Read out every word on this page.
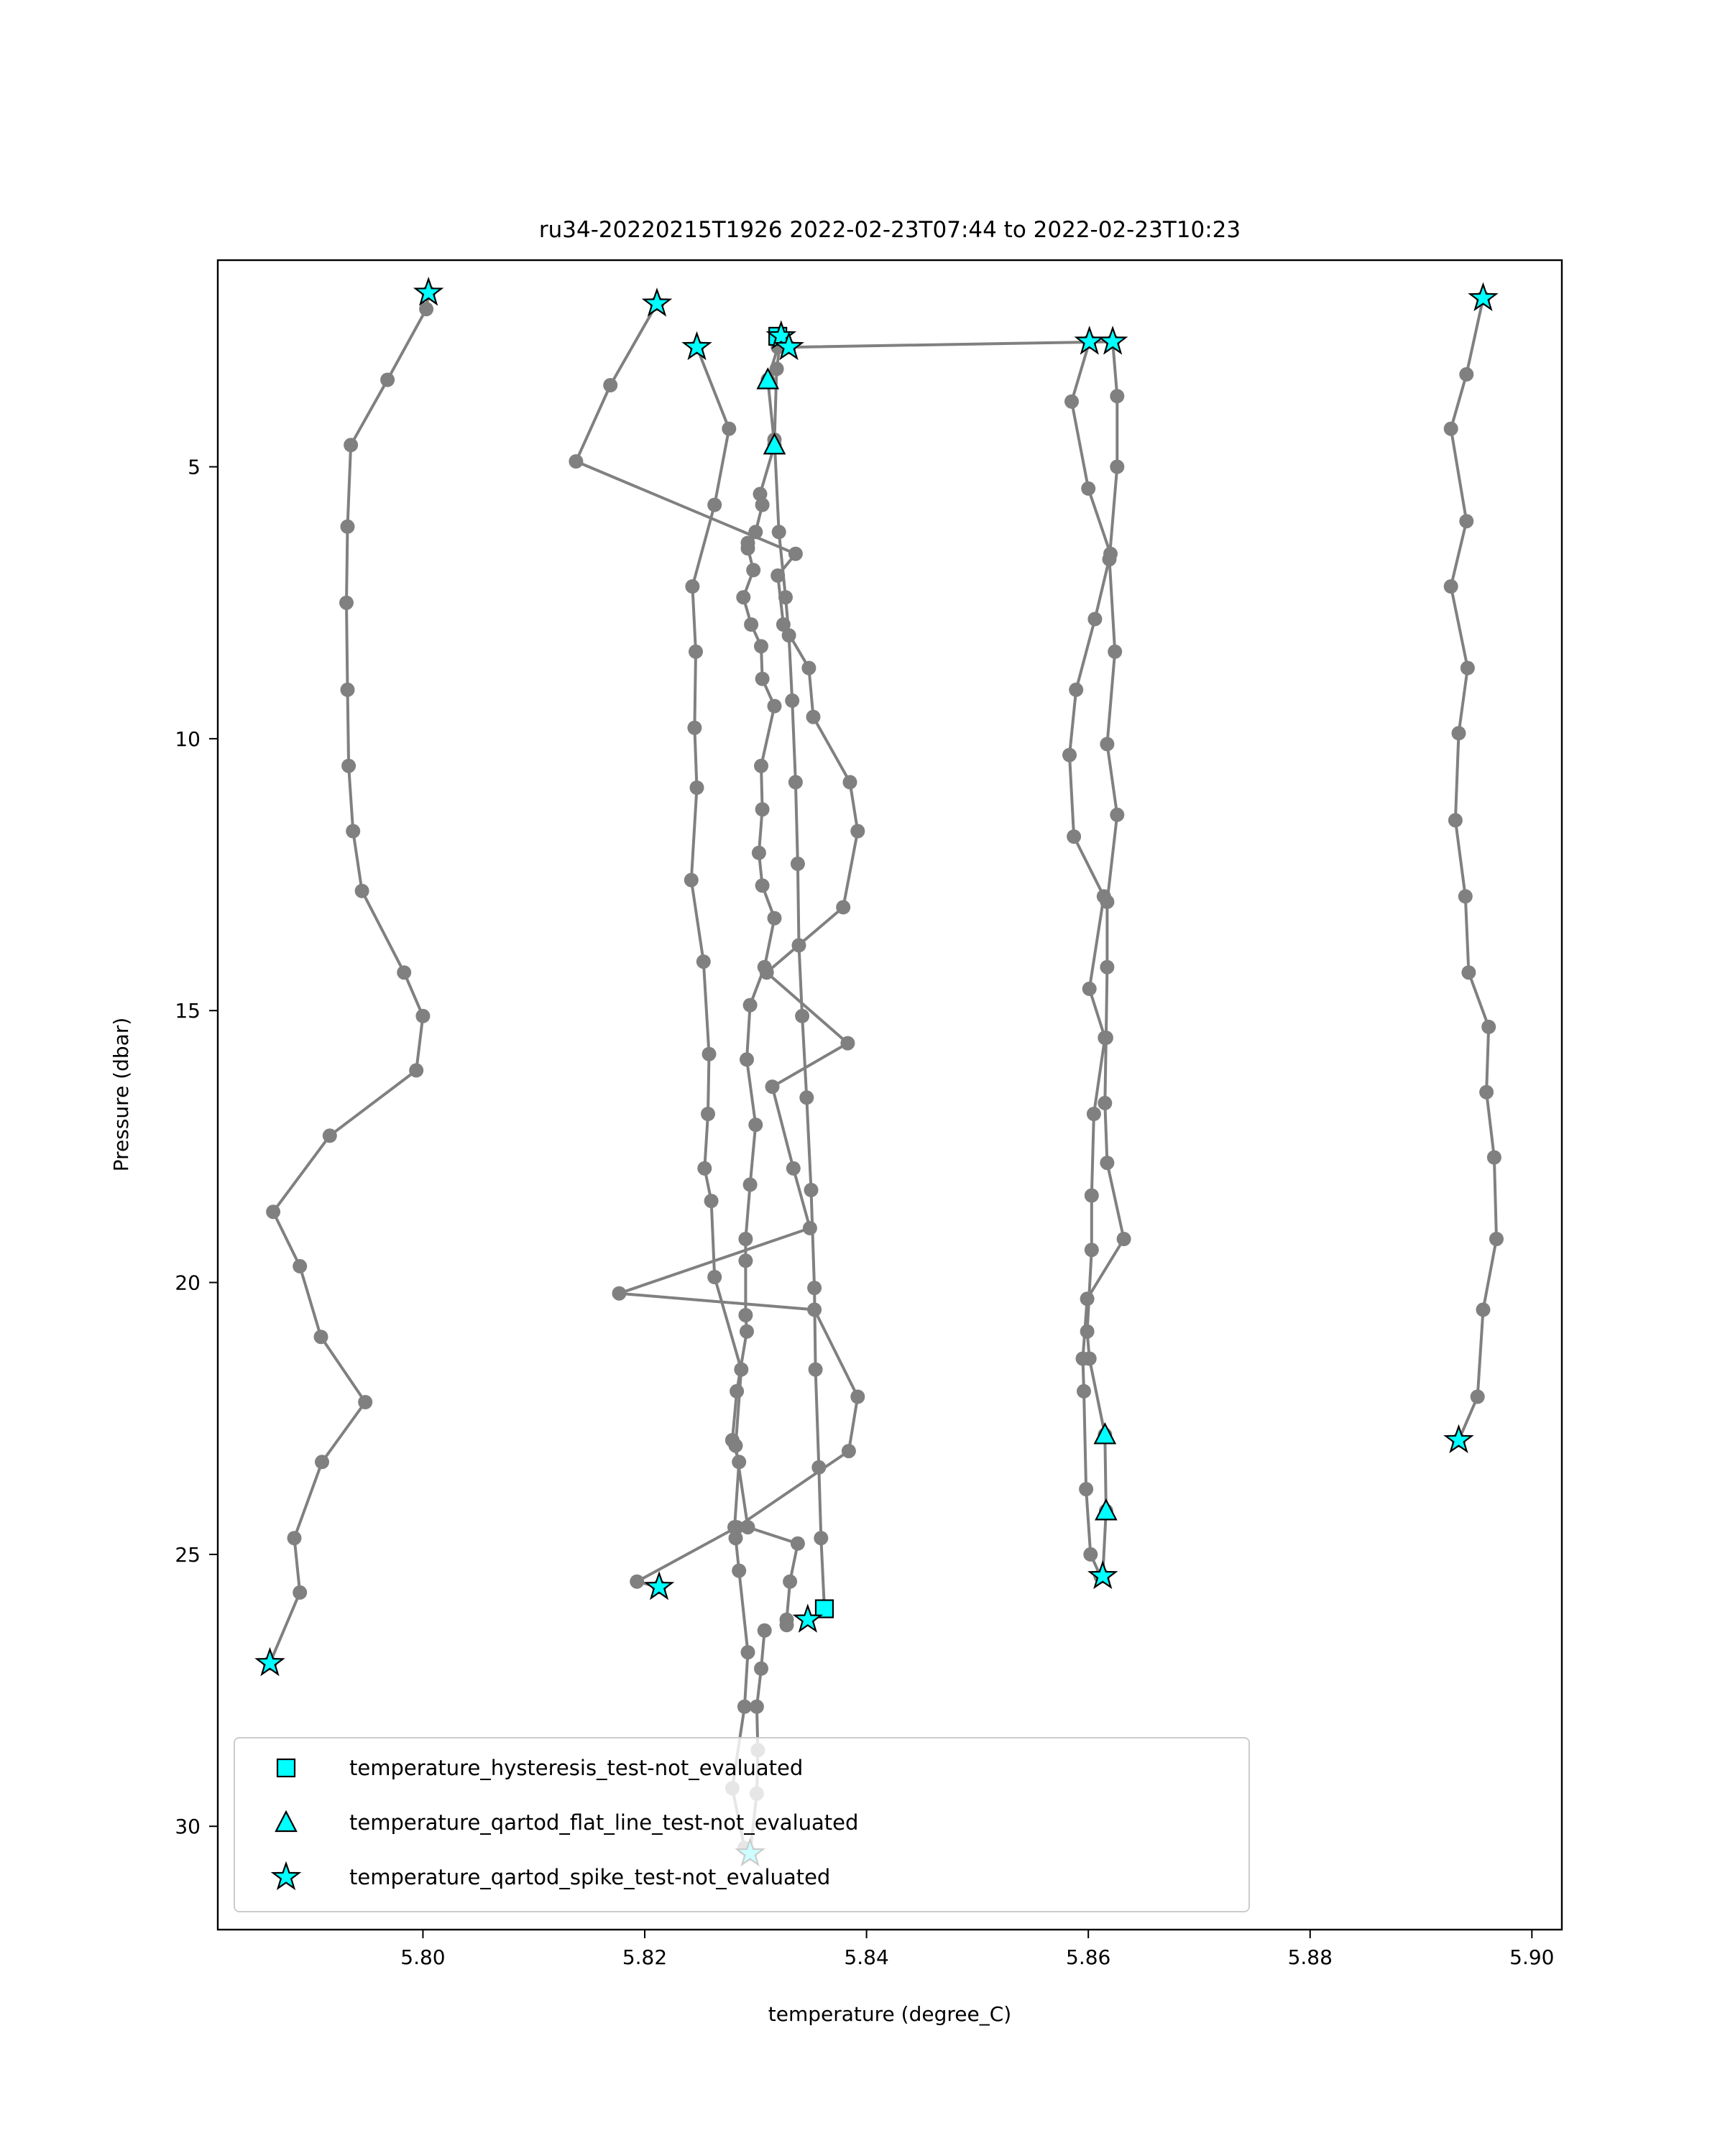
ru34-20220215T1926 2022-02-23T07:44 to 2022-02-23T10:23
5.80	5.82	5.84	5.86	5.88	5.90
5
10
15
20
25
30
temperature (degree_C)
Pressure (dbar)
temperature_hysteresis_test-not_evaluated
temperature_qartod_flat_line_test-not_evaluated
temperature_qartod_spike_test-not_evaluated
